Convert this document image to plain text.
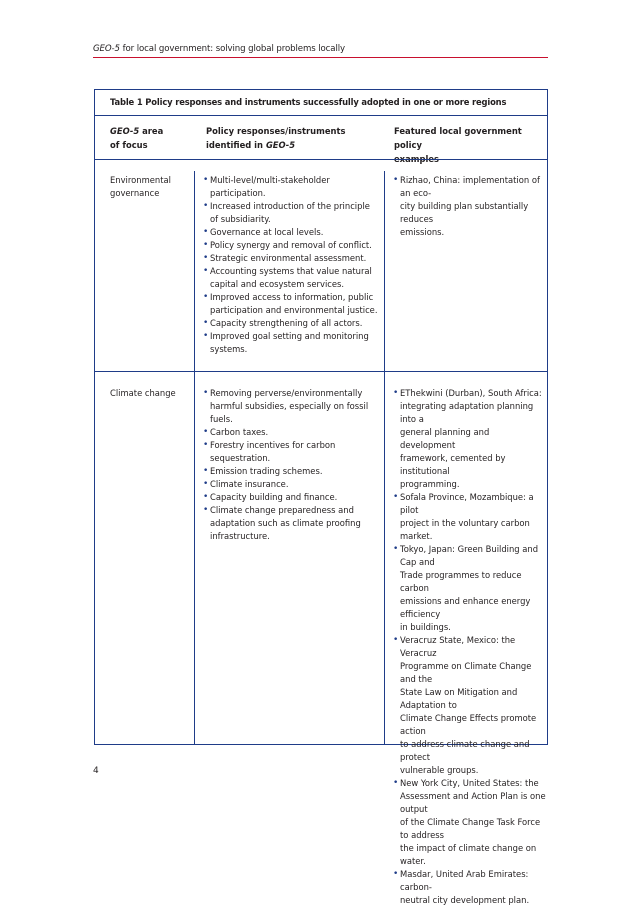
GEO-5 for local government: solving global problems locally
Table 1 Policy responses and instruments successfully adopted in one or more regions
GEO-5 area
of focus
Policy responses/instruments
identified in GEO-5
Featured local government policy
examples
Environmental
governance
• Multi-level/multi-stakeholder
participation.
• Increased introduction of the principle
of subsidiarity.
• Governance at local levels.
• Policy synergy and removal of conflict.
• Strategic environmental assessment.
• Accounting systems that value natural
capital and ecosystem services.
• Improved access to information, public
participation and environmental justice.
• Capacity strengthening of all actors.
• Improved goal setting and monitoring
systems.
• Rizhao, China: implementation of an eco-
city building plan substantially reduces
emissions.
Climate change
•	Removing perverse/environmentally
harmful subsidies, especially on fossil
fuels.
• Carbon taxes.
• Forestry incentives for carbon
sequestration.
• Emission trading schemes.
• Climate insurance.
• Capacity building and finance.
• Climate change preparedness and
adaptation such as climate proofing
infrastructure.
• EThekwini (Durban), South Africa:
integrating adaptation planning into a
general planning and development
framework, cemented by institutional
programming.
• Sofala Province, Mozambique: a pilot
project in the voluntary carbon market.
• Tokyo, Japan: Green Building and Cap and
Trade programmes to reduce carbon
emissions and enhance energy efficiency
in buildings.
• Veracruz State, Mexico: the Veracruz
Programme on Climate Change and the
State Law on Mitigation and Adaptation to
Climate Change Effects promote action
to address climate change and protect
vulnerable groups.
• New York City, United States: the
Assessment and Action Plan is one output
of the Climate Change Task Force to address
the impact of climate change on water.
• Masdar, United Arab Emirates: carbon-
neutral city development plan.
4
